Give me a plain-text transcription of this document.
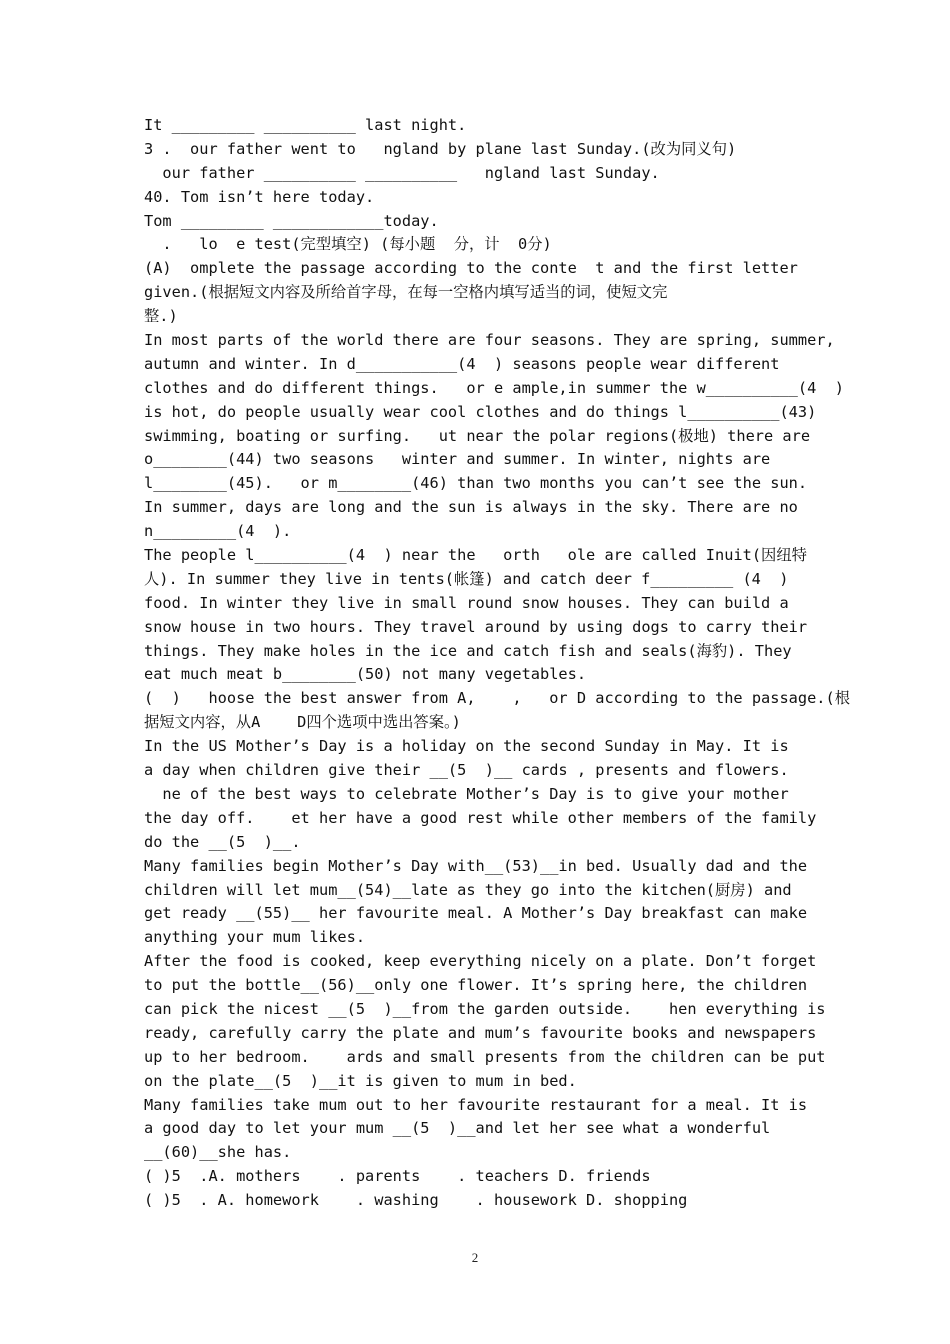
It _________ __________ last night.
3 .  our father went to   ngland by plane last Sunday.(改为同义句)
our father __________ __________   ngland last Sunday.
40. Tom isn’t here today.
Tom _________ ____________today.
.   lo  e test(完型填空) (每小题  分，计  0分)
(A)  omplete the passage according to the conte  t and the first letter
given.(根据短文内容及所给首字母，在每一空格内填写适当的词，使短文完
整.)
In most parts of the world there are four seasons. They are spring, summer,
autumn and winter. In d___________(4  ) seasons people wear different
clothes and do different things.   or e ample,in summer the w__________(4  )
is hot, do people usually wear cool clothes and do things l__________(43)
swimming, boating or surfing.   ut near the polar regions(极地) there are
o________(44) two seasons   winter and summer. In winter, nights are
l________(45).   or m________(46) than two months you can’t see the sun.
In summer, days are long and the sun is always in the sky. There are no
n_________(4  ).
The people l__________(4  ) near the   orth   ole are called Inuit(因纽特
人). In summer they live in tents(帐篷) and catch deer f_________ (4  )
food. In winter they live in small round snow houses. They can build a
snow house in two hours. They travel around by using dogs to carry their
things. They make holes in the ice and catch fish and seals(海豹). They
eat much meat b________(50) not many vegetables.
(  )   hoose the best answer from A,    ,   or D according to the passage.(根
据短文内容，从A    D四个选项中选出答案。)
In the US Mother’s Day is a holiday on the second Sunday in May. It is
a day when children give their __(5  )__ cards , presents and flowers.
ne of the best ways to celebrate Mother’s Day is to give your mother
the day off.    et her have a good rest while other members of the family
do the __(5  )__.
Many families begin Mother’s Day with__(53)__in bed. Usually dad and the
children will let mum__(54)__late as they go into the kitchen(厨房) and
get ready __(55)__ her favourite meal. A Mother’s Day breakfast can make
anything your mum likes.
After the food is cooked, keep everything nicely on a plate. Don’t forget
to put the bottle__(56)__only one flower. It’s spring here, the children
can pick the nicest __(5  )__from the garden outside.    hen everything is
ready, carefully carry the plate and mum’s favourite books and newspapers
up to her bedroom.    ards and small presents from the children can be put
on the plate__(5  )__it is given to mum in bed.
Many families take mum out to her favourite restaurant for a meal. It is
a good day to let your mum __(5  )__and let her see what a wonderful
__(60)__she has.
( )5  .A. mothers    . parents    . teachers D. friends
( )5  . A. homework    . washing    . housework D. shopping
2
